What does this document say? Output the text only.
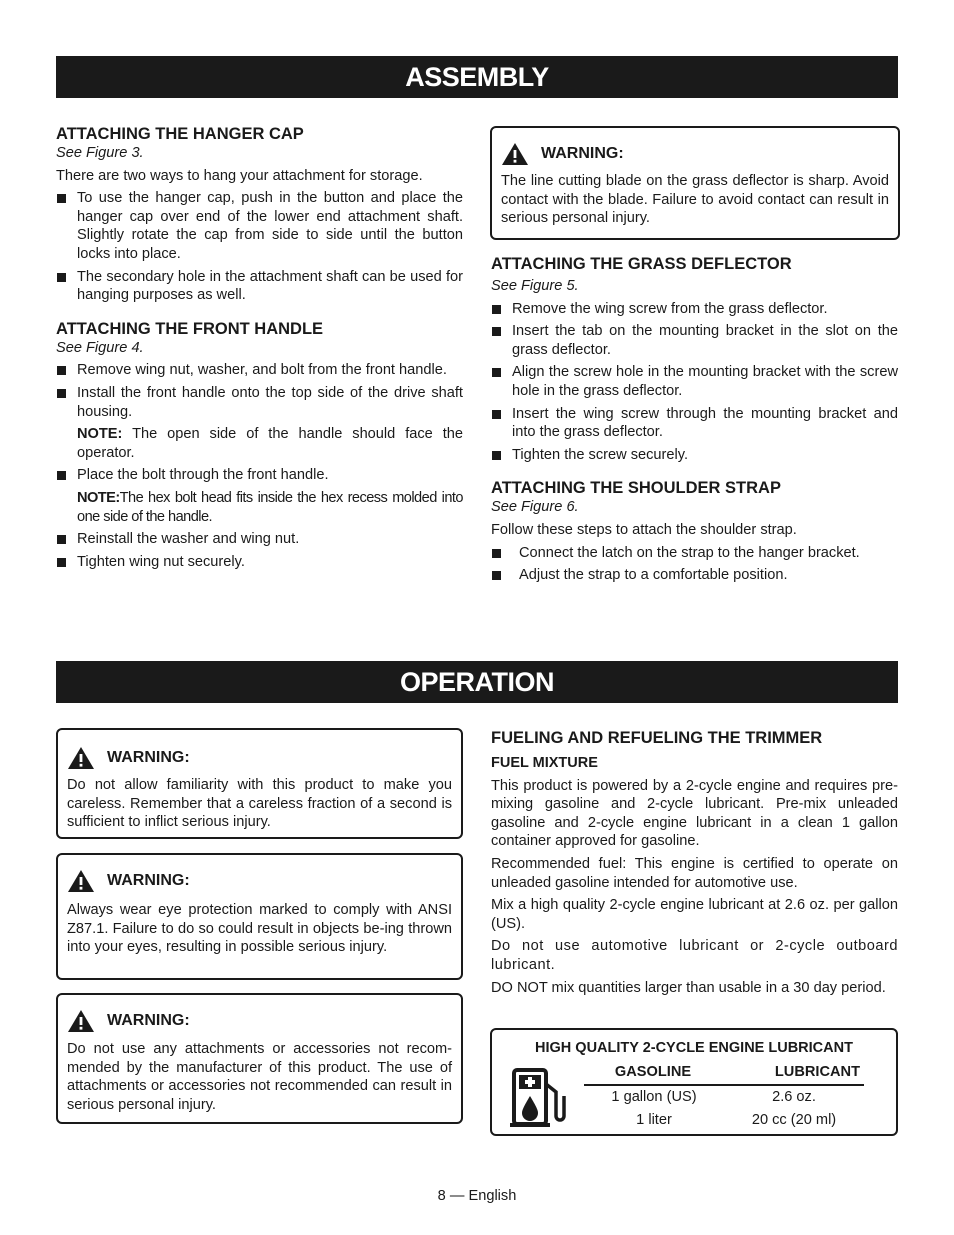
ASSEMBLY
ATTACHING THE HANGER CAP
See Figure 3.

There are two ways to hang your attachment for storage.

To use the hanger cap, push in the button and place the hanger cap over end of the lower end attachment shaft. Slightly rotate the cap from side to side until the button locks into place.
The secondary hole in the attachment shaft can be used for hanging purposes as well.
ATTACHING THE FRONT HANDLE
See Figure 4.
Remove wing nut, washer, and bolt from the front handle.
Install the front handle onto the top side of the drive shaft housing.
NOTE: The open side of the handle should face the operator.
Place the bolt through the front handle.
NOTE:The hex bolt head fits inside the hex recess molded into one side of the handle.
Reinstall the washer and wing nut.
Tighten wing nut securely.
WARNING:
The line cutting blade on the grass deflector is sharp. Avoid contact with the blade. Failure to avoid contact can result in serious personal injury.
ATTACHING THE GRASS DEFLECTOR
See Figure 5.
Remove the wing screw from the grass deflector.
Insert the tab on the mounting bracket in the slot on the grass deflector.
Align the screw hole in the mounting bracket with the screw hole in the grass deflector.
Insert the wing screw through the mounting bracket and into the grass deflector.
Tighten the screw securely.
ATTACHING THE SHOULDER STRAP
See Figure 6.

Follow these steps to attach the shoulder strap.

Connect the latch on the strap to the hanger bracket.
Adjust the strap to a comfortable position.
OPERATION
WARNING:
Do not allow familiarity with this product to make you careless. Remember that a careless fraction of a second is sufficient to inflict serious injury.
WARNING:
Always wear eye protection marked to comply with ANSI Z87.1. Failure to do so could result in objects be-ing thrown into your eyes, resulting in possible serious injury.
WARNING:
Do not use any attachments or accessories not recom-mended by the manufacturer of this product. The use of attachments or accessories not recommended can result in serious personal injury.
FUELING AND REFUELING THE TRIMMER
FUEL MIXTURE

This product is powered by a 2-cycle engine and requires pre-mixing gasoline and 2-cycle lubricant. Pre-mix unleaded gasoline and 2-cycle engine lubricant in a clean 1 gallon container approved for gasoline.

Recommended fuel: This engine is certified to operate on unleaded gasoline intended for automotive use.

Mix a high quality 2-cycle engine lubricant at 2.6 oz. per gallon (US).

Do not use automotive lubricant or 2-cycle outboard lubricant.

DO NOT mix quantities larger than usable in a 30 day period.

HIGH QUALITY 2-CYCLE ENGINE LUBRICANT
GASOLINE	LUBRICANT
1 gallon (US)	2.6 oz.
1 liter	20 cc (20 ml)
8 — English
